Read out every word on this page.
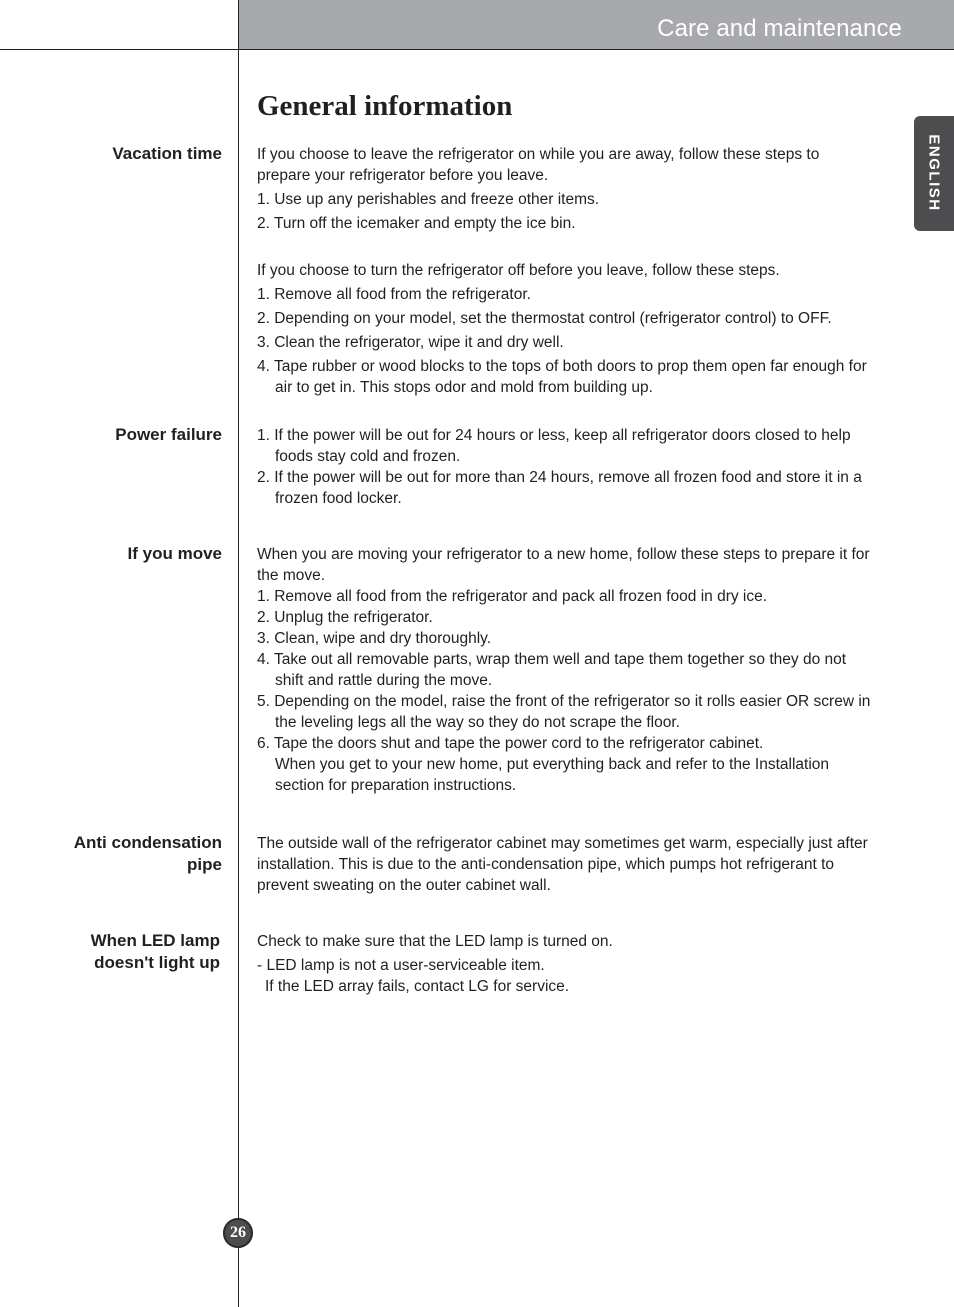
Care and maintenance
ENGLISH
General information
Vacation time If you choose to leave the refrigerator on while you are away, follow these steps to prepare your refrigerator before you leave.

1. Use up any perishables and freeze other items.

2. Turn off the icemaker and empty the ice bin.

If you choose to turn the refrigerator off before you leave, follow these steps.

1. Remove all food from the refrigerator.

2. Depending on your model, set the thermostat control (refrigerator control) to OFF.

3. Clean the refrigerator, wipe it and dry well.

4. Tape rubber or wood blocks to the tops of both doors to prop them open far enough for air to get in. This stops odor and mold from building up.

Power failure 1. If the power will be out for 24 hours or less, keep all refrigerator doors closed to help foods stay cold and frozen.

2. If the power will be out for more than 24 hours, remove all frozen food and store it in a frozen food locker.

If you move When you are moving your refrigerator to a new home, follow these steps to prepare it for the move.

1. Remove all food from the refrigerator and pack all frozen food in dry ice.

2. Unplug the refrigerator.

3. Clean, wipe and dry thoroughly.

4. Take out all removable parts, wrap them well and tape them together so they do not shift and rattle during the move.

5. Depending on the model, raise the front of the refrigerator so it rolls easier OR screw in the leveling legs all the way so they do not scrape the floor.

6. Tape the doors shut and tape the power cord to the refrigerator cabinet.

When you get to your new home, put everything back and refer to the Installation section for preparation instructions.

Anti condensation
pipe

The outside wall of the refrigerator cabinet may sometimes get warm, especially just after installation. This is due to the anti-condensation pipe, which pumps hot refrigerant to prevent sweating on the outer cabinet wall.

When LED lamp
doesn't light up

Check to make sure that the LED lamp is turned on.

- LED lamp is not a user-serviceable item.

If the LED array fails, contact LG for service.

26
